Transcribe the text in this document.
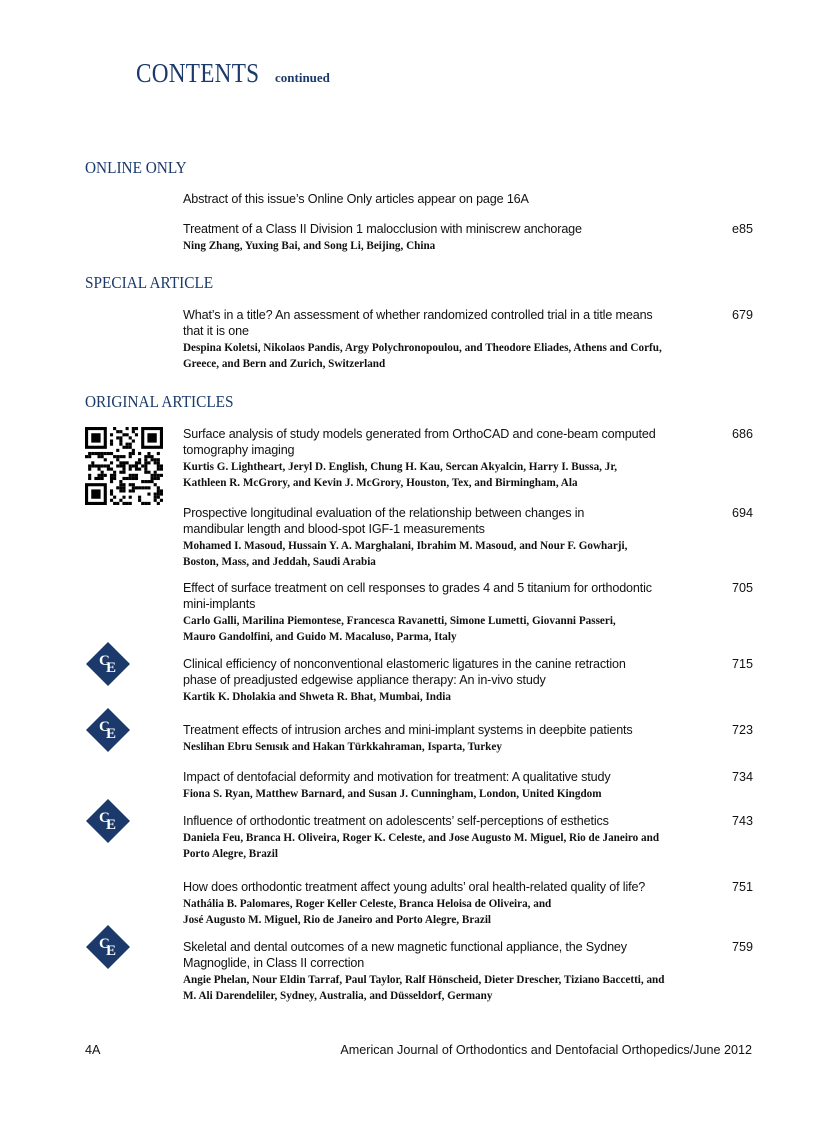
CONTENTS continued
ONLINE ONLY
Abstract of this issue’s Online Only articles appear on page 16A
Treatment of a Class II Division 1 malocclusion with miniscrew anchorage
Ning Zhang, Yuxing Bai, and Song Li, Beijing, China
e85
SPECIAL ARTICLE
What’s in a title? An assessment of whether randomized controlled trial in a title means
that it is one
Despina Koletsi, Nikolaos Pandis, Argy Polychronopoulou, and Theodore Eliades, Athens and Corfu,
Greece, and Bern and Zurich, Switzerland
679
ORIGINAL ARTICLES
Surface analysis of study models generated from OrthoCAD and cone-beam computed
tomography imaging
Kurtis G. Lightheart, Jeryl D. English, Chung H. Kau, Sercan Akyalcin, Harry I. Bussa, Jr,
Kathleen R. McGrory, and Kevin J. McGrory, Houston, Tex, and Birmingham, Ala
686
Prospective longitudinal evaluation of the relationship between changes in
mandibular length and blood-spot IGF-1 measurements
Mohamed I. Masoud, Hussain Y. A. Marghalani, Ibrahim M. Masoud, and Nour F. Gowharji,
Boston, Mass, and Jeddah, Saudi Arabia
694
Effect of surface treatment on cell responses to grades 4 and 5 titanium for orthodontic
mini-implants
Carlo Galli, Marilina Piemontese, Francesca Ravanetti, Simone Lumetti, Giovanni Passeri,
Mauro Gandolfini, and Guido M. Macaluso, Parma, Italy
705
Clinical efficiency of nonconventional elastomeric ligatures in the canine retraction
phase of preadjusted edgewise appliance therapy: An in-vivo study
Kartik K. Dholakia and Shweta R. Bhat, Mumbai, India
715
C
E
Treatment effects of intrusion arches and mini-implant systems in deepbite patients
Neslihan Ebru Senısık and Hakan Türkkahraman, Isparta, Turkey
723
C
E
Impact of dentofacial deformity and motivation for treatment: A qualitative study
Fiona S. Ryan, Matthew Barnard, and Susan J. Cunningham, London, United Kingdom
734
Influence of orthodontic treatment on adolescents’ self-perceptions of esthetics
Daniela Feu, Branca H. Oliveira, Roger K. Celeste, and Jose Augusto M. Miguel, Rio de Janeiro and
Porto Alegre, Brazil
743
C
E
How does orthodontic treatment affect young adults’ oral health-related quality of life?
Nathália B. Palomares, Roger Keller Celeste, Branca Heloisa de Oliveira, and
José Augusto M. Miguel, Rio de Janeiro and Porto Alegre, Brazil
751
Skeletal and dental outcomes of a new magnetic functional appliance, the Sydney
Magnoglide, in Class II correction
Angie Phelan, Nour Eldin Tarraf, Paul Taylor, Ralf Hönscheid, Dieter Drescher, Tiziano Baccetti, and
M. Ali Darendeliler, Sydney, Australia, and Düsseldorf, Germany
759
C
E
4A	American Journal of Orthodontics and Dentofacial Orthopedics/June 2012
